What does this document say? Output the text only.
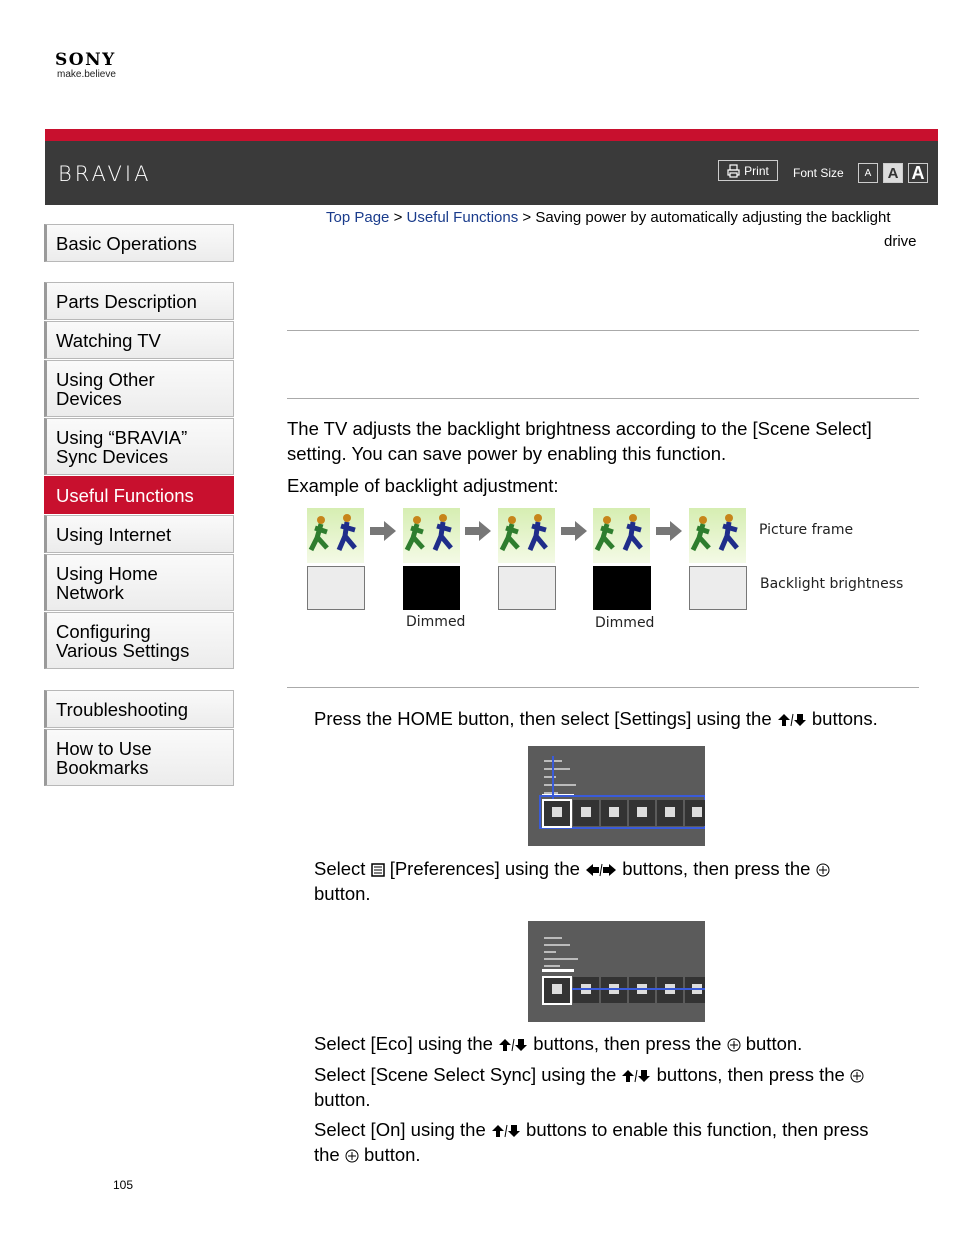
SONY
make.believe
BRAVIA	Print Font Size	A	A A
Basic Operations
Parts Description
Watching TV
Using Other Devices
Using “BRAVIA” Sync Devices
Useful Functions
Using Internet
Using Home Network
Configuring Various Settings
Troubleshooting
How to Use Bookmarks
Top Page > Useful Functions > Saving power by automatically adjusting the backlight
drive
The TV adjusts the backlight brightness according to the [Scene Select]
setting. You can save power by enabling this function.
Example of backlight adjustment:
Picture frame
Backlight brightness
Dimmed	Dimmed
Press the HOME button, then select [Settings] using the buttons.
Select [Preferences] using the buttons, then press the
button.
Select [Eco] using the buttons, then press the button.
Select [Scene Select Sync] using the buttons, then press the
button.
Select [On] using the buttons to enable this function, then press
the button.
105
